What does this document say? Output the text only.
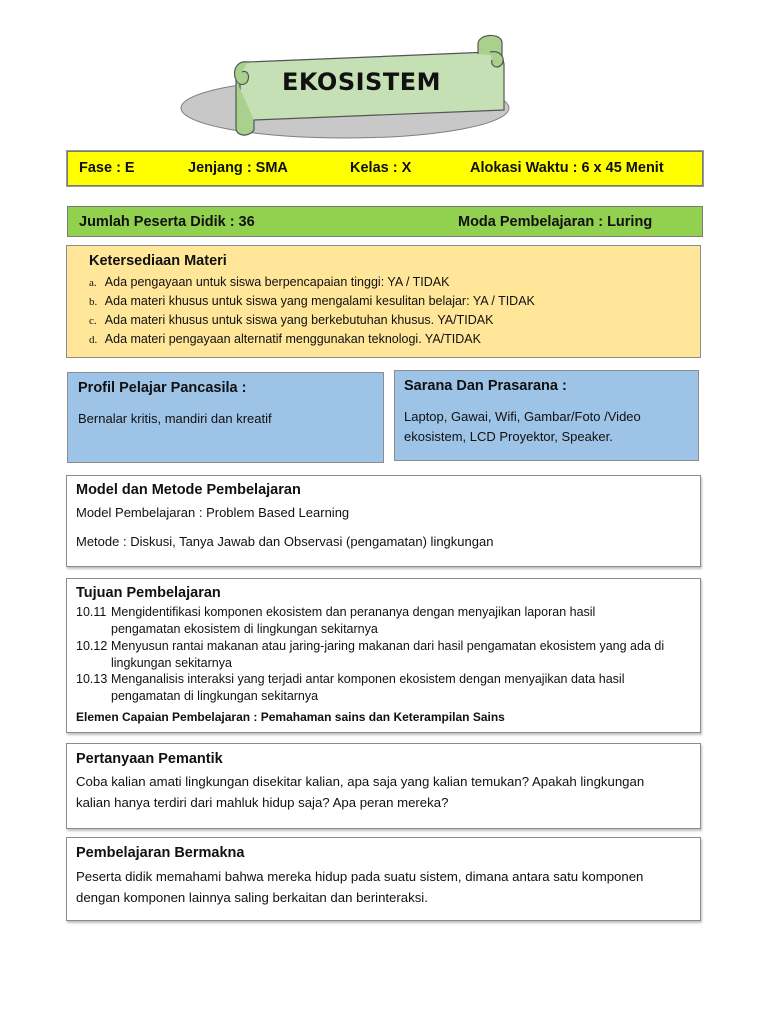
EKOSISTEM
Fase : E	Jenjang : SMA	Kelas : X	Alokasi Waktu : 6 x 45 Menit
Jumlah Peserta Didik : 36	Moda Pembelajaran : Luring
Ketersediaan Materi
a. Ada pengayaan untuk siswa berpencapaian tinggi: YA / TIDAK
b. Ada materi khusus untuk siswa yang mengalami kesulitan belajar: YA / TIDAK
c. Ada materi khusus untuk siswa yang berkebutuhan khusus. YA/TIDAK
d. Ada materi pengayaan alternatif menggunakan teknologi. YA/TIDAK
Profil Pelajar Pancasila :
Bernalar kritis, mandiri dan kreatif
Sarana Dan Prasarana :
Laptop, Gawai, Wifi, Gambar/Foto /Video
ekosistem, LCD Proyektor, Speaker.
Model dan Metode Pembelajaran
Model Pembelajaran : Problem Based Learning
Metode : Diskusi, Tanya Jawab dan Observasi (pengamatan) lingkungan
Tujuan Pembelajaran
10.11 Mengidentifikasi komponen ekosistem dan perananya dengan menyajikan laporan hasil
pengamatan ekosistem di lingkungan sekitarnya
10.12 Menyusun rantai makanan atau jaring-jaring makanan dari hasil pengamatan ekosistem yang ada di
lingkungan sekitarnya
10.13 Menganalisis interaksi yang terjadi antar komponen ekosistem dengan menyajikan data hasil
pengamatan di lingkungan sekitarnya
Elemen Capaian Pembelajaran : Pemahaman sains dan Keterampilan Sains
Pertanyaan Pemantik
Coba kalian amati lingkungan disekitar kalian, apa saja yang kalian temukan? Apakah lingkungan
kalian hanya terdiri dari mahluk hidup saja? Apa peran mereka?
Pembelajaran Bermakna
Peserta didik memahami bahwa mereka hidup pada suatu sistem, dimana antara satu komponen
dengan komponen lainnya saling berkaitan dan berinteraksi.
